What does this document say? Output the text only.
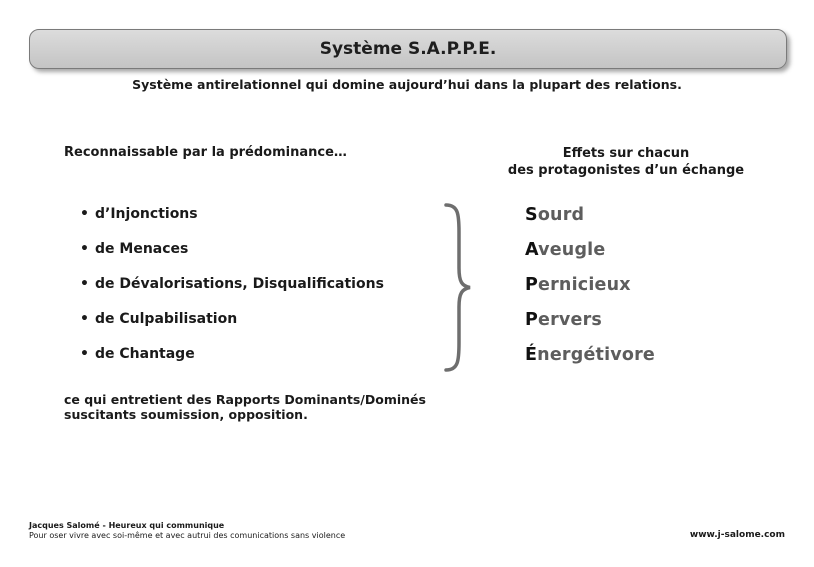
Système S.A.P.P.E.
Système antirelationnel qui domine aujourd’hui dans la plupart des relations.
Reconnaissable par la prédominance…	Effets sur chacun
des protagonistes d’un échange
• d’Injonctions
• de Menaces
• de Dévalorisations, Disqualifications
• de Culpabilisation
• de Chantage
Sourd
Aveugle
Pernicieux
Pervers
Énergétivore
ce qui entretient des Rapports Dominants/Dominés
suscitants soumission, opposition.
Jacques Salomé - Heureux qui communique
Pour oser vivre avec soi-même et avec autrui des comunications sans violence	www.j-salome.com
